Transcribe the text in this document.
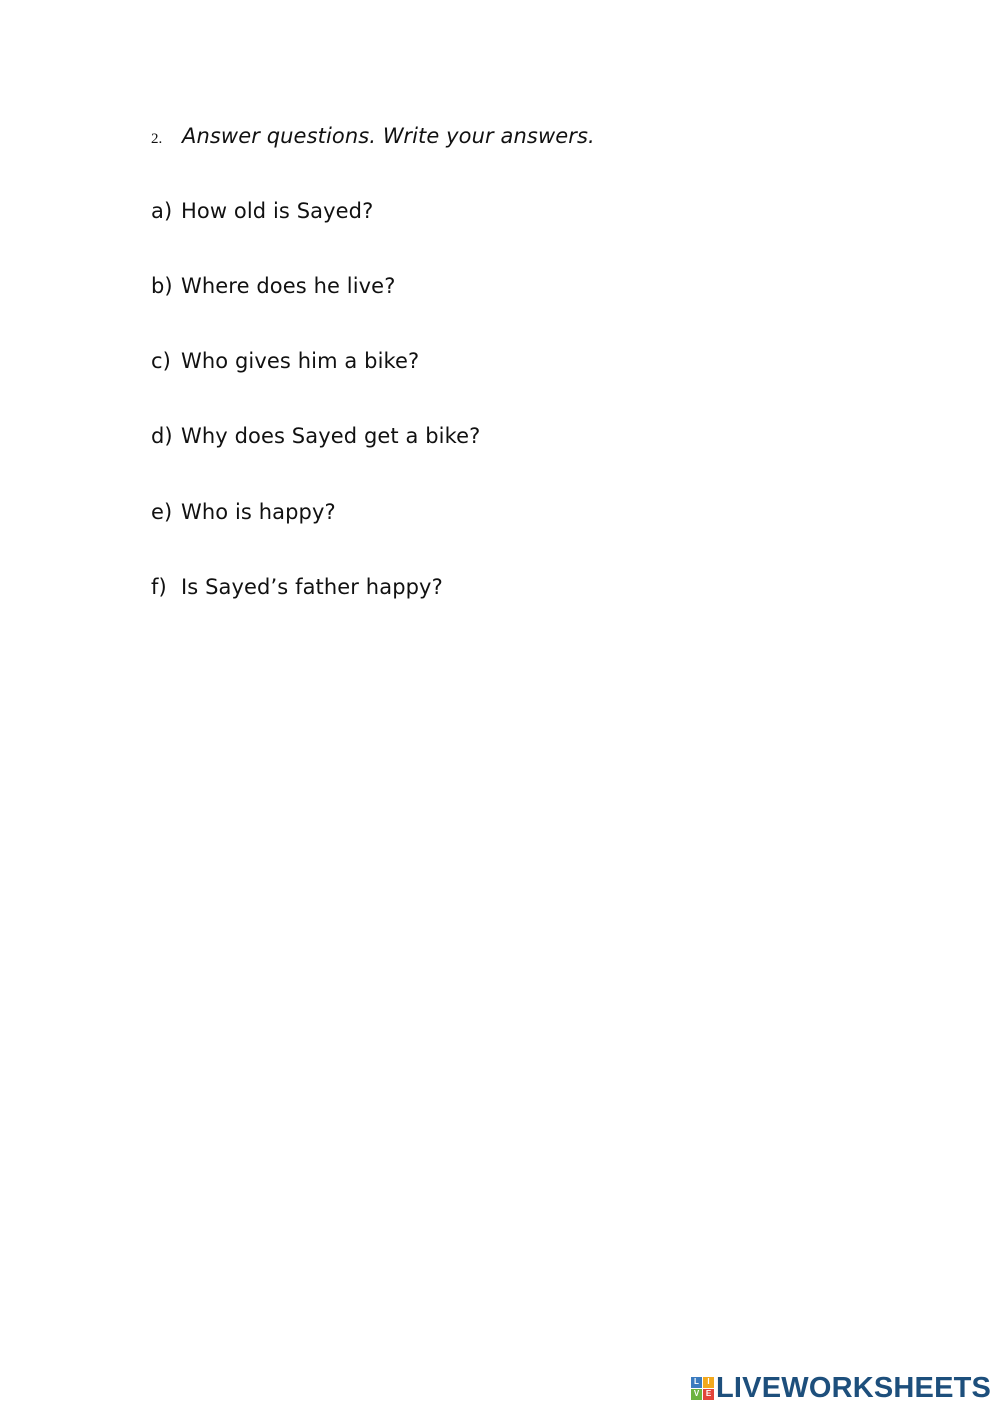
2. Answer questions. Write your answers.
a) How old is Sayed?
b) Where does he live?
c) Who gives him a bike?
d) Why does Sayed get a bike?
e) Who is happy?
f) Is Sayed’s father happy?
L	I
V E LIVEWORKSHEETS
